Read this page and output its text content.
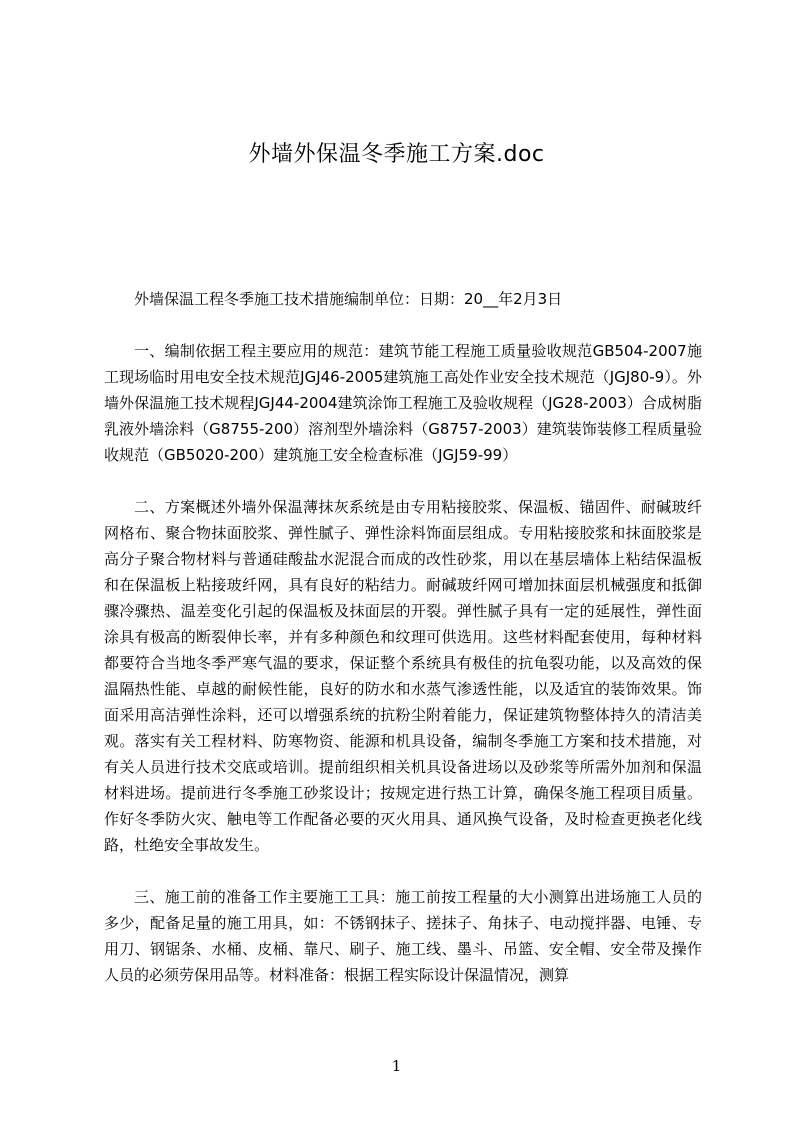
外墙外保温冬季施工方案.doc

外墙保温工程冬季施工技术措施编制单位：日期：20__年2月3日

一、编制依据工程主要应用的规范：建筑节能工程施工质量验收规范GB504-2007施工现场临时用电安全技术规范JGJ46-2005建筑施工高处作业安全技术规范（JGJ80-9）。外墙外保温施工技术规程JGJ44-2004建筑涂饰工程施工及验收规程（JG28-2003）合成树脂乳液外墙涂料（G8755-200）溶剂型外墙涂料（G8757-2003）建筑装饰装修工程质量验收规范（GB5020-200）建筑施工安全检查标准（JGJ59-99）

二、方案概述外墙外保温薄抹灰系统是由专用粘接胶浆、保温板、锚固件、耐碱玻纤网格布、聚合物抹面胶浆、弹性腻子、弹性涂料饰面层组成。专用粘接胶浆和抹面胶浆是高分子聚合物材料与普通硅酸盐水泥混合而成的改性砂浆，用以在基层墙体上粘结保温板和在保温板上粘接玻纤网，具有良好的粘结力。耐碱玻纤网可增加抹面层机械强度和抵御骤冷骤热、温差变化引起的保温板及抹面层的开裂。弹性腻子具有一定的延展性，弹性面涂具有极高的断裂伸长率，并有多种颜色和纹理可供选用。这些材料配套使用，每种材料都要符合当地冬季严寒气温的要求，保证整个系统具有极佳的抗龟裂功能，以及高效的保温隔热性能、卓越的耐候性能，良好的防水和水蒸气渗透性能，以及适宜的装饰效果。饰面采用高洁弹性涂料，还可以增强系统的抗粉尘附着能力，保证建筑物整体持久的清洁美观。落实有关工程材料、防寒物资、能源和机具设备，编制冬季施工方案和技术措施，对有关人员进行技术交底或培训。提前组织相关机具设备进场以及砂浆等所需外加剂和保温材料进场。提前进行冬季施工砂浆设计；按规定进行热工计算，确保冬施工程项目质量。作好冬季防火灾、触电等工作配备必要的灭火用具、通风换气设备，及时检查更换老化线路，杜绝安全事故发生。

三、施工前的准备工作主要施工工具：施工前按工程量的大小测算出进场施工人员的多少，配备足量的施工用具，如：不锈钢抹子、搓抹子、角抹子、电动搅拌器、电锤、专用刀、钢锯条、水桶、皮桶、靠尺、刷子、施工线、墨斗、吊篮、安全帽、安全带及操作人员的必须劳保用品等。材料准备：根据工程实际设计保温情况，测算

1
